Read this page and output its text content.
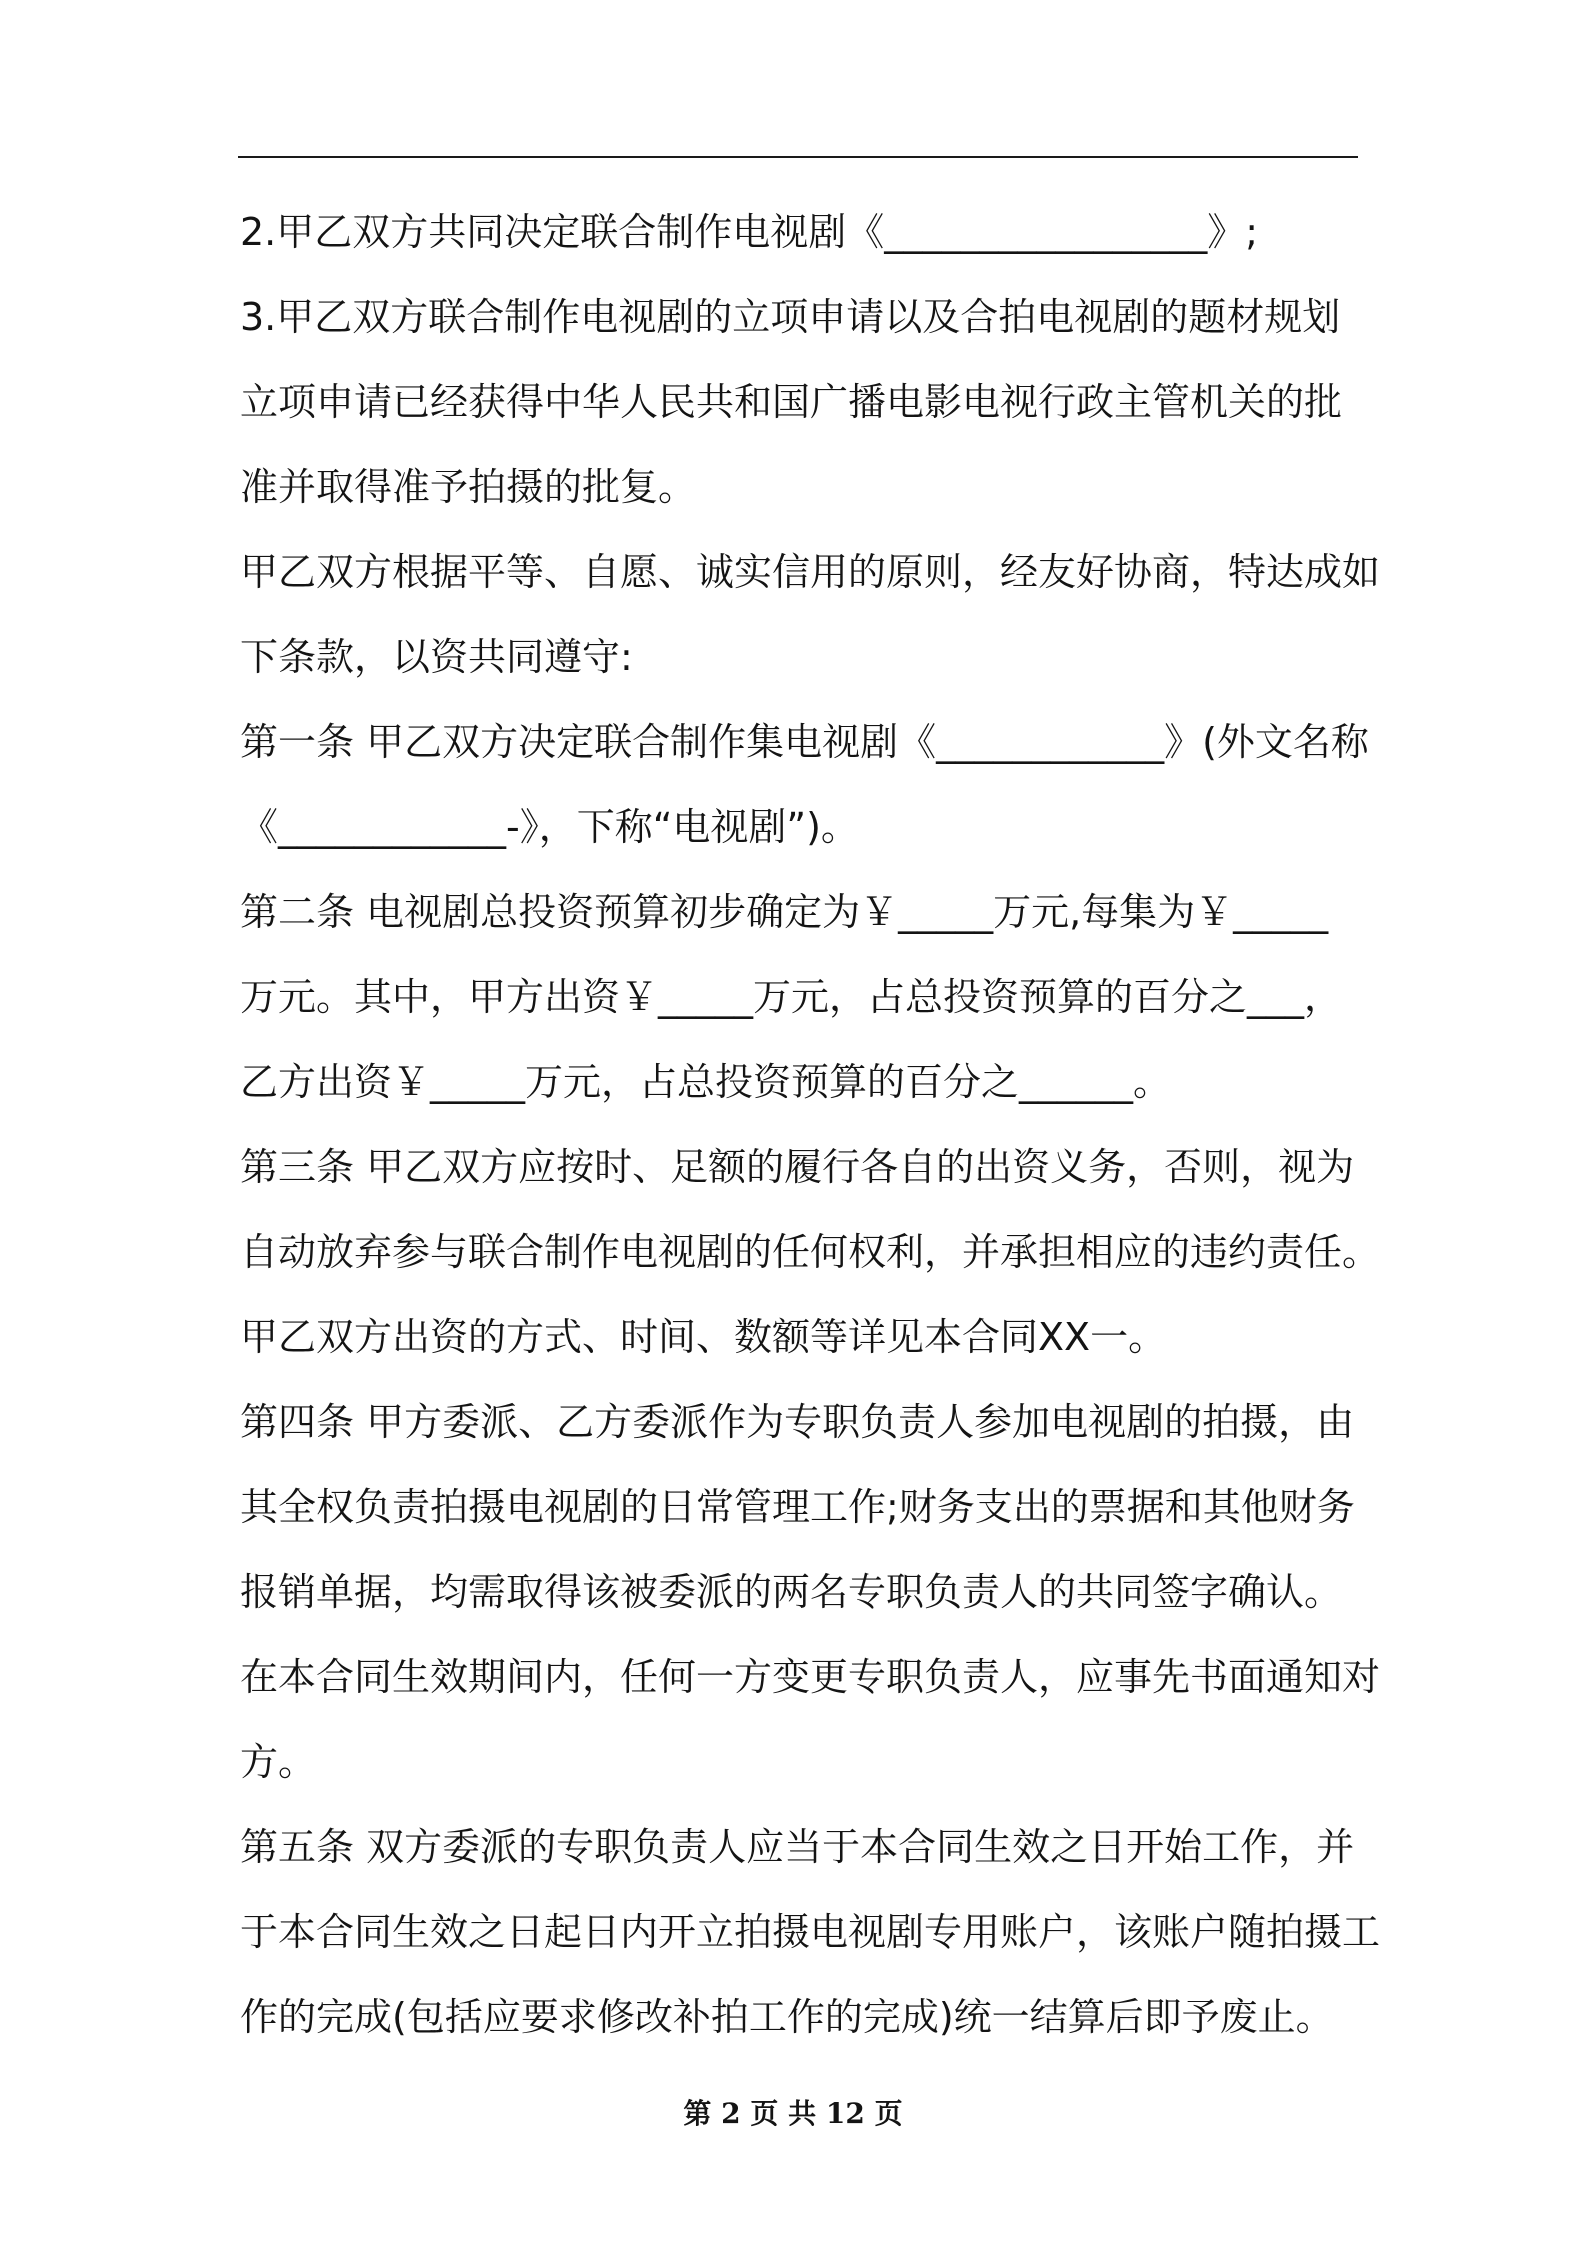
2.甲乙双方共同决定联合制作电视剧《_________________》;
3.甲乙双方联合制作电视剧的立项申请以及合拍电视剧的题材规划
立项申请已经获得中华人民共和国广播电影电视行政主管机关的批
准并取得准予拍摄的批复。
甲乙双方根据平等、自愿、诚实信用的原则，经友好协商，特达成如
下条款，以资共同遵守:
第一条 甲乙双方决定联合制作集电视剧《____________》(外文名称
《____________-》，下称“电视剧”)。
第二条 电视剧总投资预算初步确定为￥_____万元,每集为￥_____
万元。其中，甲方出资￥_____万元，占总投资预算的百分之___，
乙方出资￥_____万元，占总投资预算的百分之______。
第三条 甲乙双方应按时、足额的履行各自的出资义务，否则，视为
自动放弃参与联合制作电视剧的任何权利，并承担相应的违约责任。
甲乙双方出资的方式、时间、数额等详见本合同XX一。
第四条 甲方委派、乙方委派作为专职负责人参加电视剧的拍摄，由
其全权负责拍摄电视剧的日常管理工作;财务支出的票据和其他财务
报销单据，均需取得该被委派的两名专职负责人的共同签字确认。
在本合同生效期间内，任何一方变更专职负责人，应事先书面通知对
方。
第五条 双方委派的专职负责人应当于本合同生效之日开始工作，并
于本合同生效之日起日内开立拍摄电视剧专用账户，该账户随拍摄工
作的完成(包括应要求修改补拍工作的完成)统一结算后即予废止。
第 2 页 共 12 页
